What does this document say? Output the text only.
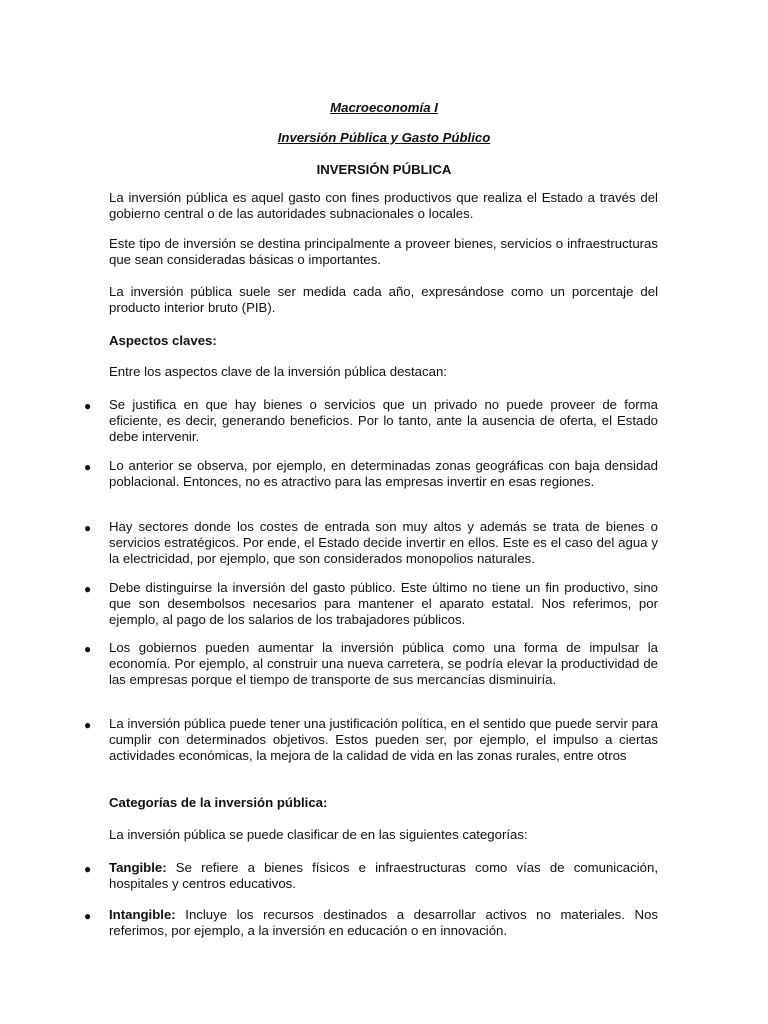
Macroeconomía I

Inversión Pública y Gasto Público

INVERSIÓN PÚBLICA

La inversión pública es aquel gasto con fines productivos que realiza el Estado a través del gobierno central o de las autoridades subnacionales o locales.

Este tipo de inversión se destina principalmente a proveer bienes, servicios o infraestructuras que sean consideradas básicas o importantes.

La inversión pública suele ser medida cada año, expresándose como un porcentaje del producto interior bruto (PIB).

Aspectos claves:

Entre los aspectos clave de la inversión pública destacan:

●	Se justifica en que hay bienes o servicios que un privado no puede proveer de forma eficiente, es decir, generando beneficios. Por lo tanto, ante la ausencia de oferta, el Estado debe intervenir.

●	Lo anterior se observa, por ejemplo, en determinadas zonas geográficas con baja densidad poblacional. Entonces, no es atractivo para las empresas invertir en esas regiones.

●	Hay sectores donde los costes de entrada son muy altos y además se trata de bienes o servicios estratégicos. Por ende, el Estado decide invertir en ellos. Este es el caso del agua y la electricidad, por ejemplo, que son considerados monopolios naturales.

●	Debe distinguirse la inversión del gasto público. Este último no tiene un fin productivo, sino que son desembolsos necesarios para mantener el aparato estatal. Nos referimos, por ejemplo, al pago de los salarios de los trabajadores públicos.

●	Los gobiernos pueden aumentar la inversión pública como una forma de impulsar la economía. Por ejemplo, al construir una nueva carretera, se podría elevar la productividad de las empresas porque el tiempo de transporte de sus mercancías disminuiría.

●	La inversión pública puede tener una justificación política, en el sentido que puede servir para cumplir con determinados objetivos. Estos pueden ser, por ejemplo, el impulso a ciertas actividades económicas, la mejora de la calidad de vida en las zonas rurales, entre otros

Categorías de la inversión pública:

La inversión pública se puede clasificar de en las siguientes categorías:

●	Tangible: Se refiere a bienes físicos e infraestructuras como vías de comunicación, hospitales y centros educativos.

●	Intangible: Incluye los recursos destinados a desarrollar activos no materiales. Nos referimos, por ejemplo, a la inversión en educación o en innovación.
